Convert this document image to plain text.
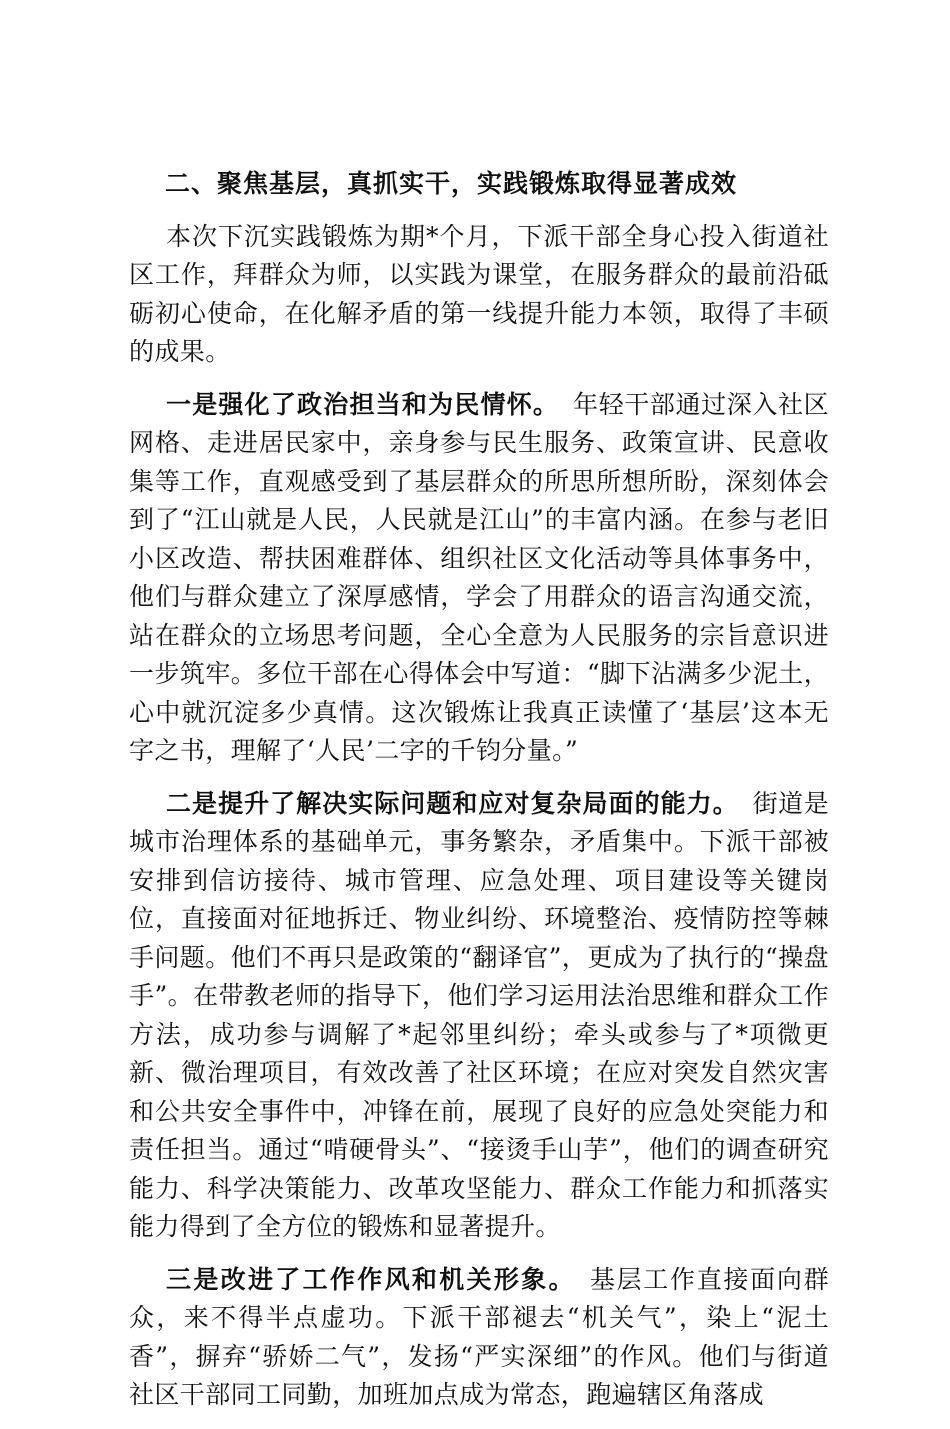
二、聚焦基层，真抓实干，实践锻炼取得显著成效

本次下沉实践锻炼为期*个月，下派干部全身心投入街道社区工作，拜群众为师，以实践为课堂，在服务群众的最前沿砥砺初心使命，在化解矛盾的第一线提升能力本领，取得了丰硕的成果。

一是强化了政治担当和为民情怀。 年轻干部通过深入社区网格、走进居民家中，亲身参与民生服务、政策宣讲、民意收集等工作，直观感受到了基层群众的所思所想所盼，深刻体会到了“江山就是人民，人民就是江山”的丰富内涵。在参与老旧小区改造、帮扶困难群体、组织社区文化活动等具体事务中，他们与群众建立了深厚感情，学会了用群众的语言沟通交流，站在群众的立场思考问题，全心全意为人民服务的宗旨意识进一步筑牢。多位干部在心得体会中写道：“脚下沾满多少泥土，心中就沉淀多少真情。这次锻炼让我真正读懂了‘基层’这本无字之书，理解了‘人民’二字的千钧分量。”

二是提升了解决实际问题和应对复杂局面的能力。 街道是城市治理体系的基础单元，事务繁杂，矛盾集中。下派干部被安排到信访接待、城市管理、应急处理、项目建设等关键岗位，直接面对征地拆迁、物业纠纷、环境整治、疫情防控等棘手问题。他们不再只是政策的“翻译官”，更成为了执行的“操盘手”。在带教老师的指导下，他们学习运用法治思维和群众工作方法，成功参与调解了*起邻里纠纷；牵头或参与了*项微更新、微治理项目，有效改善了社区环境；在应对突发自然灾害和公共安全事件中，冲锋在前，展现了良好的应急处突能力和责任担当。通过“啃硬骨头”、“接烫手山芋”，他们的调查研究能力、科学决策能力、改革攻坚能力、群众工作能力和抓落实能力得到了全方位的锻炼和显著提升。

三是改进了工作作风和机关形象。 基层工作直接面向群众，来不得半点虚功。下派干部褪去“机关气”，染上“泥土香”，摒弃“骄娇二气”，发扬“严实深细”的作风。他们与街道社区干部同工同勤，加班加点成为常态，跑遍辖区角落成
